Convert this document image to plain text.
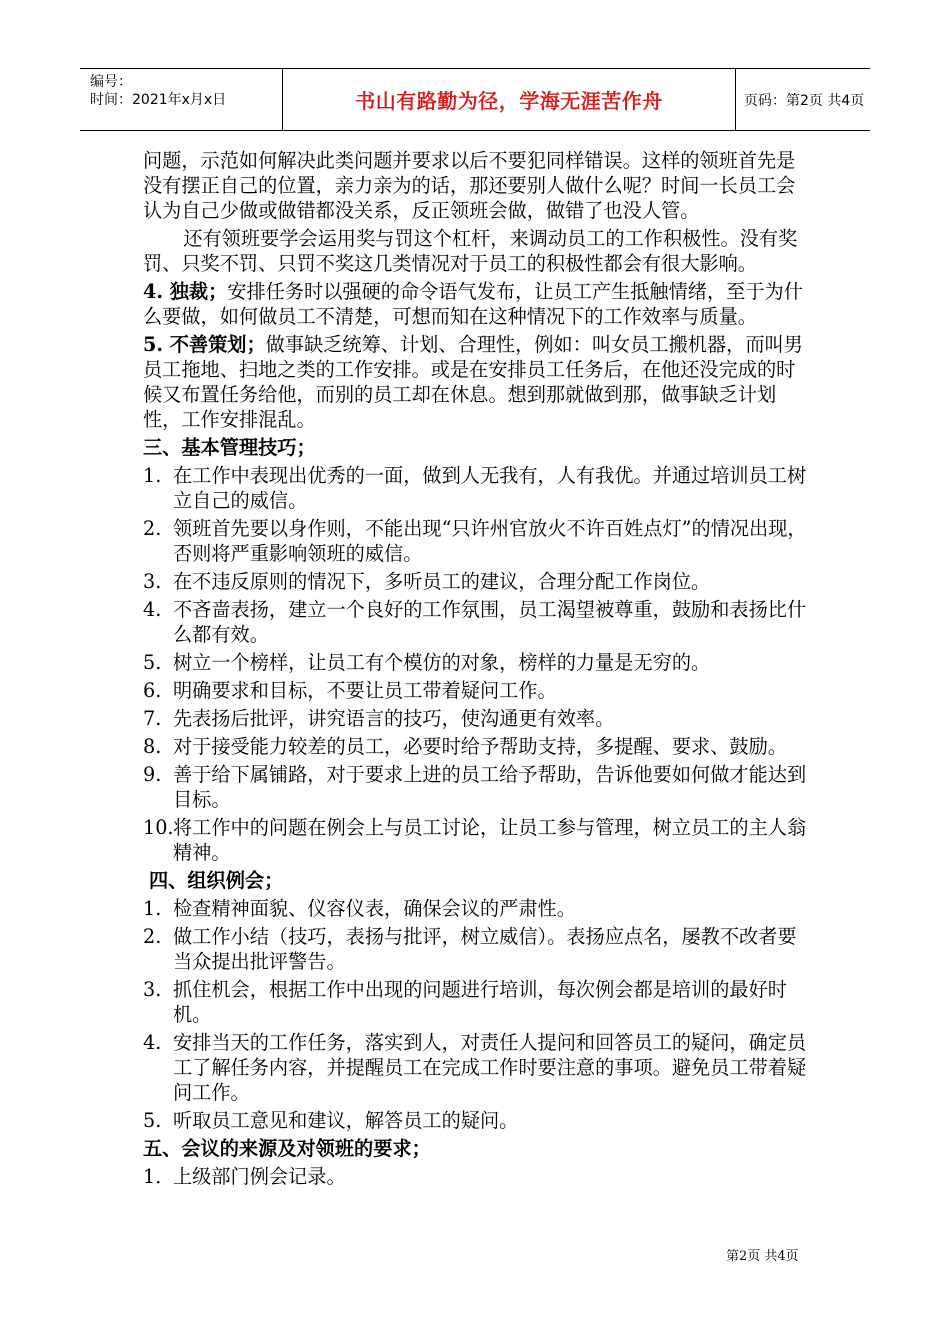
编号：
时间：2021年x月x日	书山有路勤为径，学海无涯苦作舟	页码：第2页 共4页

问题，示范如何解决此类问题并要求以后不要犯同样错误。这样的领班首先是没有摆正自己的位置，亲力亲为的话，那还要别人做什么呢？时间一长员工会认为自己少做或做错都没关系，反正领班会做，做错了也没人管。

还有领班要学会运用奖与罚这个杠杆，来调动员工的工作积极性。没有奖罚、只奖不罚、只罚不奖这几类情况对于员工的积极性都会有很大影响。

4. 独裁；安排任务时以强硬的命令语气发布，让员工产生抵触情绪，至于为什么要做，如何做员工不清楚，可想而知在这种情况下的工作效率与质量。

5. 不善策划；做事缺乏统筹、计划、合理性，例如：叫女员工搬机器，而叫男员工拖地、扫地之类的工作安排。或是在安排员工任务后，在他还没完成的时候又布置任务给他，而别的员工却在休息。想到那就做到那，做事缺乏计划性，工作安排混乱。

三、基本管理技巧；
1. 在工作中表现出优秀的一面，做到人无我有，人有我优。并通过培训员工树立自己的威信。
2. 领班首先要以身作则，不能出现“只许州官放火不许百姓点灯”的情况出现，否则将严重影响领班的威信。
3. 在不违反原则的情况下，多听员工的建议，合理分配工作岗位。
4. 不吝啬表扬，建立一个良好的工作氛围，员工渴望被尊重，鼓励和表扬比什么都有效。
5. 树立一个榜样，让员工有个模仿的对象，榜样的力量是无穷的。
6. 明确要求和目标，不要让员工带着疑问工作。
7. 先表扬后批评，讲究语言的技巧，使沟通更有效率。
8. 对于接受能力较差的员工，必要时给予帮助支持，多提醒、要求、鼓励。
9. 善于给下属铺路，对于要求上进的员工给予帮助，告诉他要如何做才能达到目标。
10. 将工作中的问题在例会上与员工讨论，让员工参与管理，树立员工的主人翁精神。
四、组织例会；
1. 检查精神面貌、仪容仪表，确保会议的严肃性。
2. 做工作小结（技巧，表扬与批评，树立威信）。表扬应点名，屡教不改者要当众提出批评警告。
3. 抓住机会，根据工作中出现的问题进行培训，每次例会都是培训的最好时机。
4. 安排当天的工作任务，落实到人，对责任人提问和回答员工的疑问，确定员工了解任务内容，并提醒员工在完成工作时要注意的事项。避免员工带着疑问工作。
5. 听取员工意见和建议，解答员工的疑问。
五、会议的来源及对领班的要求；
1．
上级部门例会记录。
第2页 共4页
